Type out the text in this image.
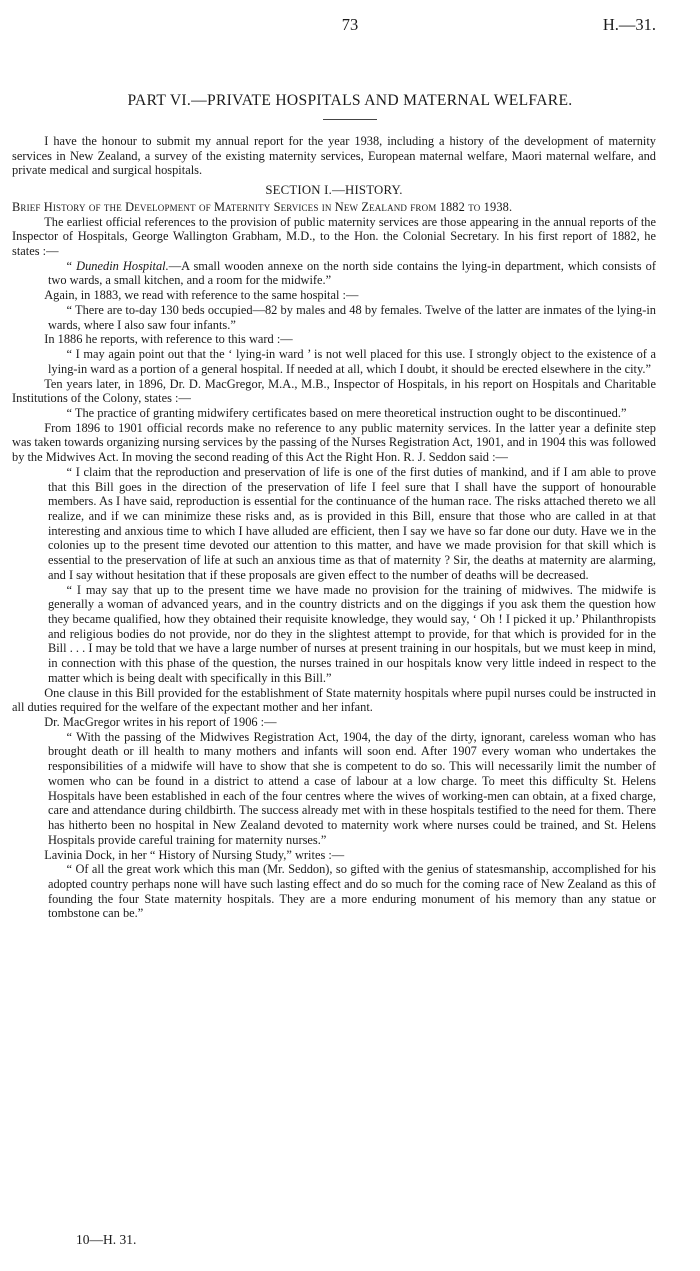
73	H.—31.
PART VI.—PRIVATE HOSPITALS AND MATERNAL WELFARE.

I have the honour to submit my annual report for the year 1938, including a history of the development of maternity services in New Zealand, a survey of the existing maternity services, European maternal welfare, Maori maternal welfare, and private medical and surgical hospitals.

SECTION I.—HISTORY.

Brief History of the Development of Maternity Services in New Zealand from 1882 to 1938.

The earliest official references to the provision of public maternity services are those appearing in the annual reports of the Inspector of Hospitals, George Wallington Grabham, M.D., to the Hon. the Colonial Secretary. In his first report of 1882, he states :—

“ Dunedin Hospital.—A small wooden annexe on the north side contains the lying-in department, which consists of two wards, a small kitchen, and a room for the midwife.”

Again, in 1883, we read with reference to the same hospital :—

“ There are to-day 130 beds occupied—82 by males and 48 by females. Twelve of the latter are inmates of the lying-in wards, where I also saw four infants.”

In 1886 he reports, with reference to this ward :—

“ I may again point out that the ‘ lying-in ward ’ is not well placed for this use. I strongly object to the existence of a lying-in ward as a portion of a general hospital. If needed at all, which I doubt, it should be erected elsewhere in the city.”

Ten years later, in 1896, Dr. D. MacGregor, M.A., M.B., Inspector of Hospitals, in his report on Hospitals and Charitable Institutions of the Colony, states :—

“ The practice of granting midwifery certificates based on mere theoretical instruction ought to be discontinued.”

From 1896 to 1901 official records make no reference to any public maternity services. In the latter year a definite step was taken towards organizing nursing services by the passing of the Nurses Registration Act, 1901, and in 1904 this was followed by the Midwives Act. In moving the second reading of this Act the Right Hon. R. J. Seddon said :—

“ I claim that the reproduction and preservation of life is one of the first duties of mankind, and if I am able to prove that this Bill goes in the direction of the preservation of life I feel sure that I shall have the support of honourable members. As I have said, reproduction is essential for the continuance of the human race. The risks attached thereto we all realize, and if we can minimize these risks and, as is provided in this Bill, ensure that those who are called in at that interesting and anxious time to which I have alluded are efficient, then I say we have so far done our duty. Have we in the colonies up to the present time devoted our attention to this matter, and have we made provision for that skill which is essential to the preservation of life at such an anxious time as that of maternity ? Sir, the deaths at maternity are alarming, and I say without hesitation that if these proposals are given effect to the number of deaths will be decreased.

“ I may say that up to the present time we have made no provision for the training of midwives. The midwife is generally a woman of advanced years, and in the country districts and on the diggings if you ask them the question how they became qualified, how they obtained their requisite knowledge, they would say, ‘ Oh ! I picked it up.’ Philanthropists and religious bodies do not provide, nor do they in the slightest attempt to provide, for that which is provided for in the Bill . . . I may be told that we have a large number of nurses at present training in our hospitals, but we must keep in mind, in connection with this phase of the question, the nurses trained in our hospitals know very little indeed in respect to the matter which is being dealt with specifically in this Bill.”

One clause in this Bill provided for the establishment of State maternity hospitals where pupil nurses could be instructed in all duties required for the welfare of the expectant mother and her infant.

Dr. MacGregor writes in his report of 1906 :—

“ With the passing of the Midwives Registration Act, 1904, the day of the dirty, ignorant, careless woman who has brought death or ill health to many mothers and infants will soon end. After 1907 every woman who undertakes the responsibilities of a midwife will have to show that she is competent to do so. This will necessarily limit the number of women who can be found in a district to attend a case of labour at a low charge. To meet this difficulty St. Helens Hospitals have been established in each of the four centres where the wives of working-men can obtain, at a fixed charge, care and attendance during childbirth. The success already met with in these hospitals testified to the need for them. There has hitherto been no hospital in New Zealand devoted to maternity work where nurses could be trained, and St. Helens Hospitals provide careful training for maternity nurses.”

Lavinia Dock, in her “ History of Nursing Study,” writes :—

“ Of all the great work which this man (Mr. Seddon), so gifted with the genius of statesmanship, accomplished for his adopted country perhaps none will have such lasting effect and do so much for the coming race of New Zealand as this of founding the four State maternity hospitals. They are a more enduring monument of his memory than any statue or tombstone can be.”

10—H. 31.
